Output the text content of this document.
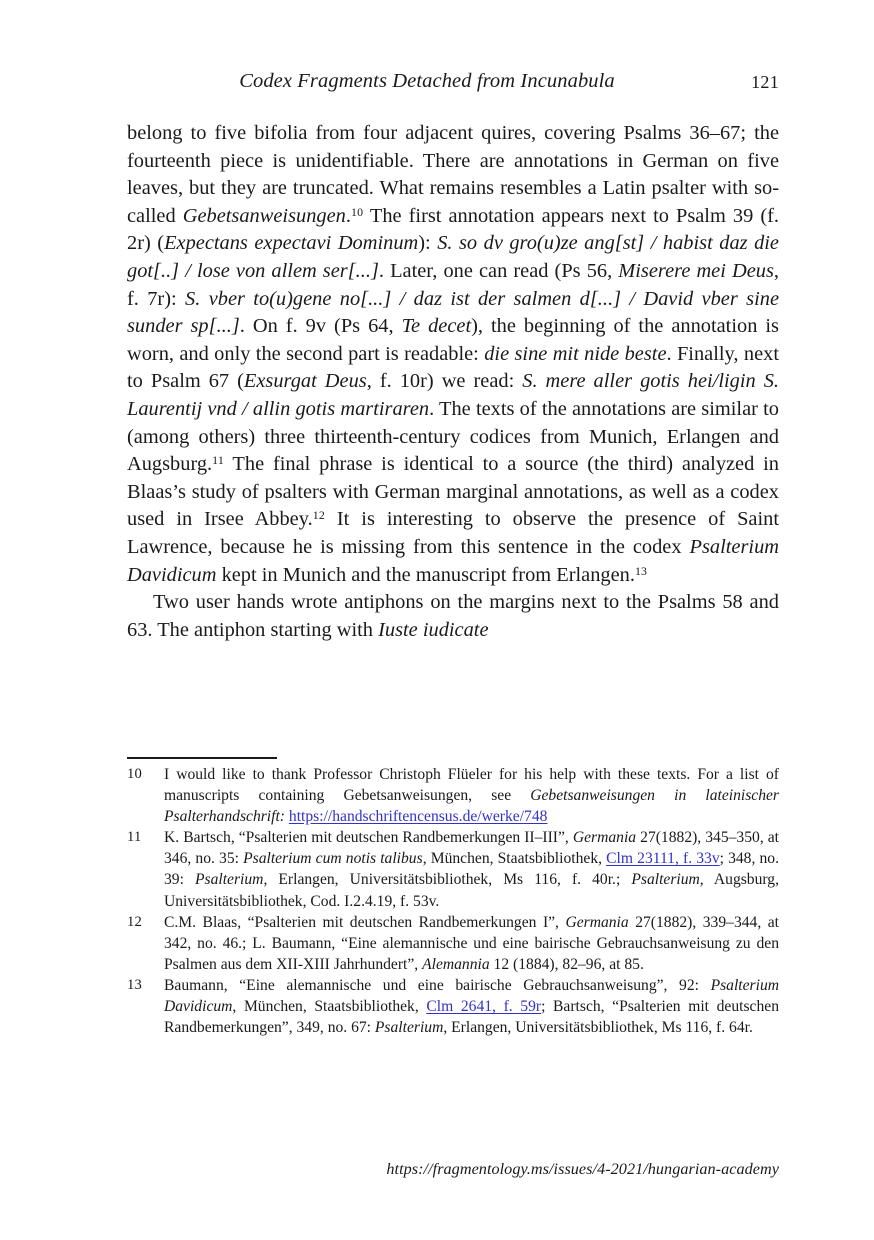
Codex Fragments Detached from Incunabula	121

belong to five bifolia from four adjacent quires, covering Psalms 36–67; the fourteenth piece is unidentifiable. There are annotations in German on five leaves, but they are truncated. What remains resembles a Latin psalter with so-called Gebetsanweisungen.$^{10}$ The first annotation appears next to Psalm 39 (f. 2r) (Expectans expectavi Dominum): S. so dv gro(u)ze ang[st] / habist daz die got[..] / lose von allem ser[...]. Later, one can read (Ps 56, Miserere mei Deus, f. 7r): S. vber to(u)gene no[...] / daz ist der salmen d[...] / David vber sine sunder sp[...]. On f. 9v (Ps 64, Te decet), the beginning of the annotation is worn, and only the second part is readable: die sine mit nide beste. Finally, next to Psalm 67 (Exsurgat Deus, f. 10r) we read: S. mere aller gotis hei/ligin S. Laurentij vnd / allin gotis martiraren. The texts of the annotations are similar to (among others) three thirteenth-century codices from Munich, Erlangen and Augsburg.$^{11}$ The final phrase is identical to a source (the third) analyzed in Blaas’s study of psalters with German marginal annotations, as well as a codex used in Irsee Abbey.$^{12}$ It is interesting to observe the presence of Saint Lawrence, because he is missing from this sentence in the codex Psalterium Davidicum kept in Munich and the manuscript from Erlangen.$^{13}$

Two user hands wrote antiphons on the margins next to the Psalms 58 and 63. The antiphon starting with Iuste iudicate

10	I would like to thank Professor Christoph Flüeler for his help with these texts. For a list of manuscripts containing Gebetsanweisungen, see Gebetsanweisungen in lateinischer Psalterhandschrift: https://handschriftencensus.de/werke/748
11	K. Bartsch, “Psalterien mit deutschen Randbemerkungen II–III”, Germania 27(1882), 345–350, at 346, no. 35: Psalterium cum notis talibus, München, Staatsbibliothek, Clm 23111, f. 33v; 348, no. 39: Psalterium, Erlangen, Universitätsbibliothek, Ms 116, f. 40r.; Psalterium, Augsburg, Universitätsbibliothek, Cod. I.2.4.19, f. 53v.
12	C.M. Blaas, “Psalterien mit deutschen Randbemerkungen I”, Germania 27(1882), 339–344, at 342, no. 46.; L. Baumann, “Eine alemannische und eine bairische Gebrauchsanweisung zu den Psalmen aus dem XII-XIII Jahrhundert”, Alemannia 12 (1884), 82–96, at 85.
13	Baumann, “Eine alemannische und eine bairische Gebrauchsanweisung”, 92: Psalterium Davidicum, München, Staatsbibliothek, Clm 2641, f. 59r; Bartsch, “Psalterien mit deutschen Randbemerkungen”, 349, no. 67: Psalterium, Erlangen, Universitätsbibliothek, Ms 116, f. 64r.
https://fragmentology.ms/issues/4-2021/hungarian-academy
